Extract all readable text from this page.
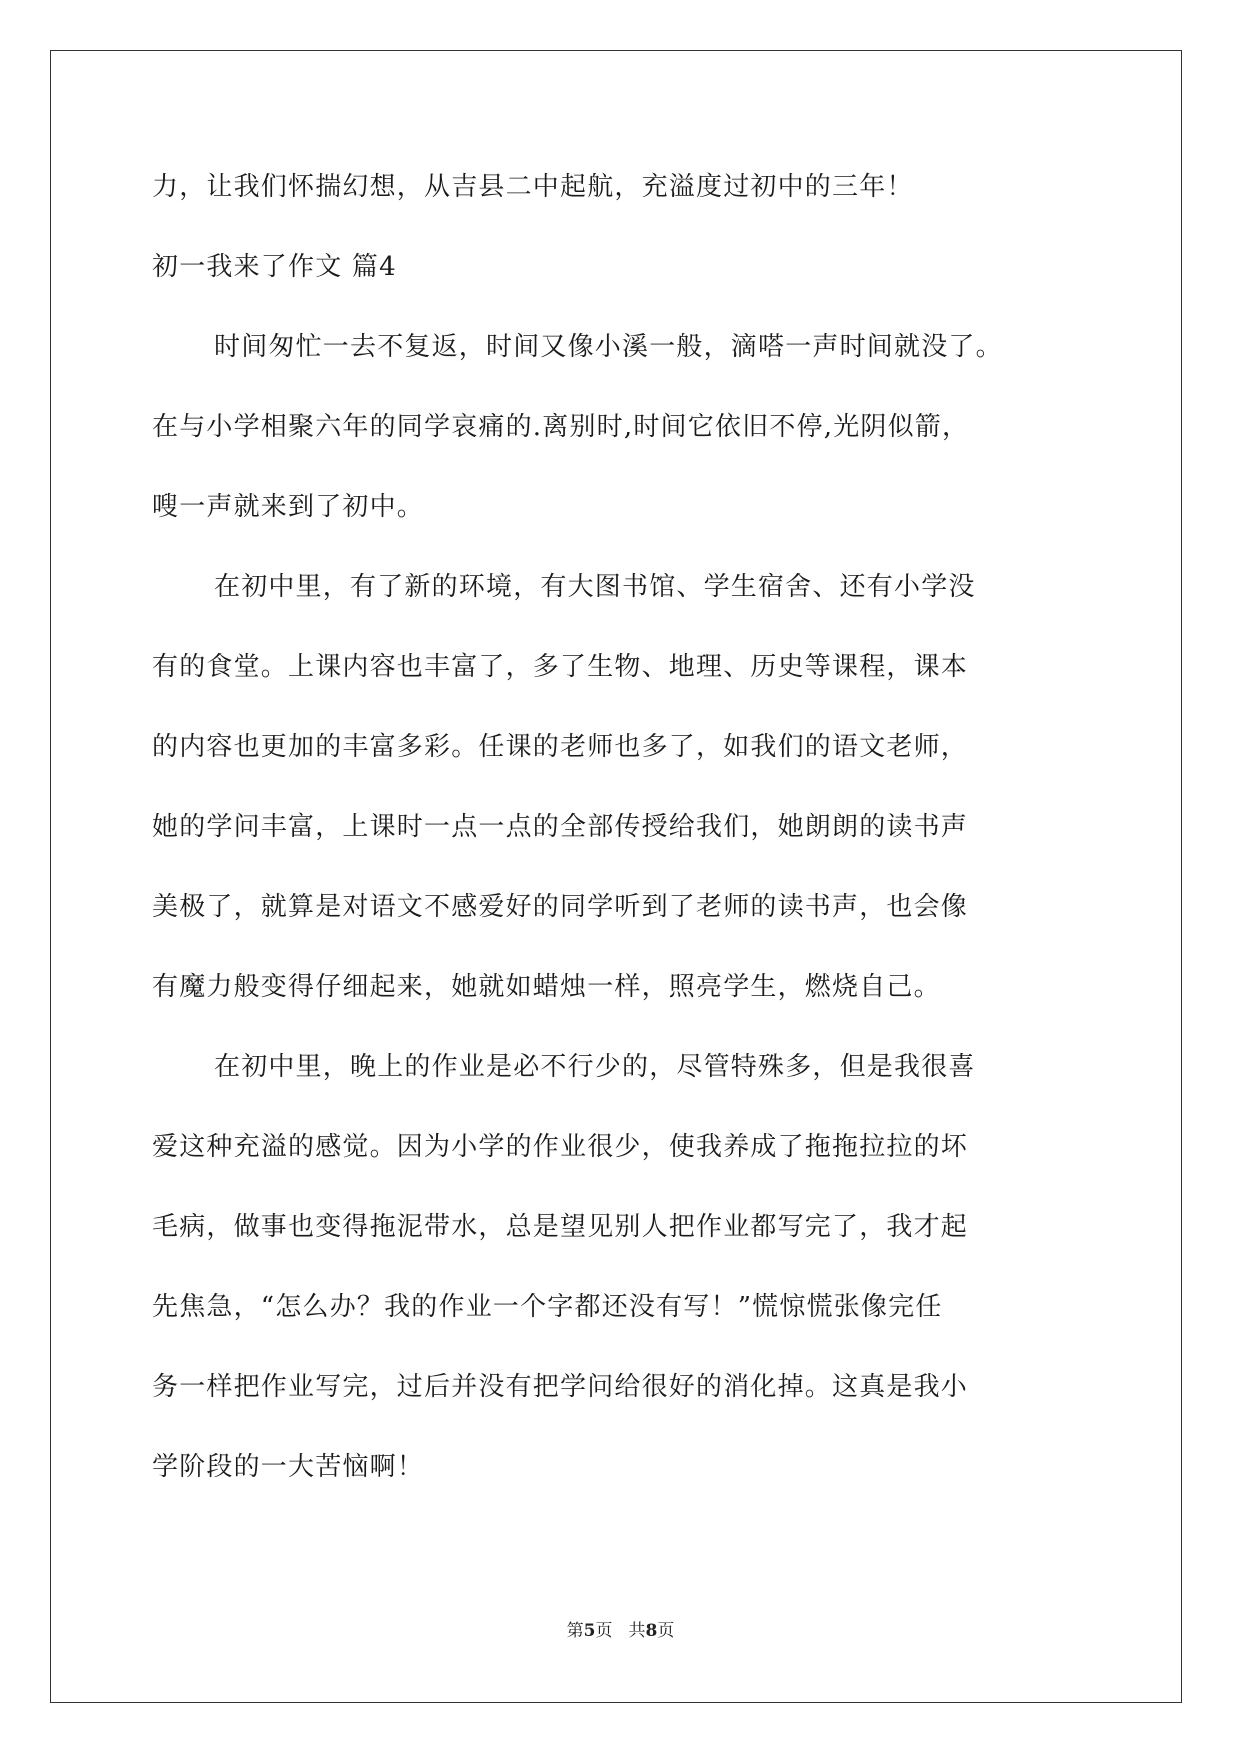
力，让我们怀揣幻想，从吉县二中起航，充溢度过初中的三年！
初一我来了作文 篇4
时间匆忙一去不复返，时间又像小溪一般，滴嗒一声时间就没了。
在与小学相聚六年的同学哀痛的.离别时,时间它依旧不停,光阴似箭，
嗖一声就来到了初中。
在初中里，有了新的环境，有大图书馆、学生宿舍、还有小学没
有的食堂。上课内容也丰富了，多了生物、地理、历史等课程，课本
的内容也更加的丰富多彩。任课的老师也多了，如我们的语文老师，
她的学问丰富，上课时一点一点的全部传授给我们，她朗朗的读书声
美极了，就算是对语文不感爱好的同学听到了老师的读书声，也会像
有魔力般变得仔细起来，她就如蜡烛一样，照亮学生，燃烧自己。
在初中里，晚上的作业是必不行少的，尽管特殊多，但是我很喜
爱这种充溢的感觉。因为小学的作业很少，使我养成了拖拖拉拉的坏
毛病，做事也变得拖泥带水，总是望见别人把作业都写完了，我才起
先焦急，“怎么办？我的作业一个字都还没有写！”慌惊慌张像完任
务一样把作业写完，过后并没有把学问给很好的消化掉。这真是我小
学阶段的一大苦恼啊！
第5页 共8页
